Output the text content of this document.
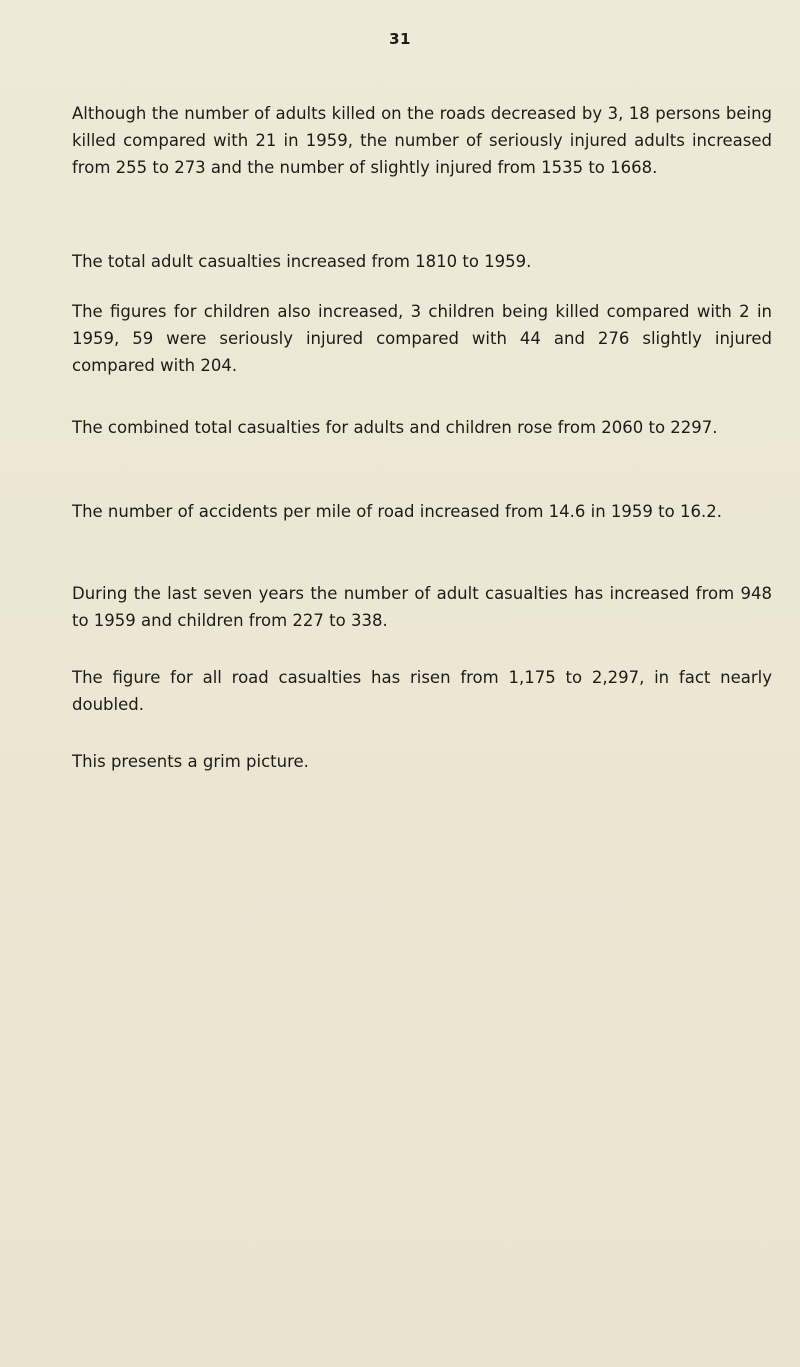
31

Although the number of adults killed on the roads decreased by 3, 18 persons being killed compared with 21 in 1959, the number of seriously injured adults increased from 255 to 273 and the number of slightly injured from 1535 to 1668.

The total adult casualties increased from 1810 to 1959.

The figures for children also increased, 3 children being killed compared with 2 in 1959, 59 were seriously injured compared with 44 and 276 slightly injured compared with 204.

The combined total casualties for adults and children rose from 2060 to 2297.

The number of accidents per mile of road increased from 14.6 in 1959 to 16.2.

During the last seven years the number of adult casualties has increased from 948 to 1959 and children from 227 to 338.

The figure for all road casualties has risen from 1,175 to 2,297, in fact nearly doubled.

This presents a grim picture.
